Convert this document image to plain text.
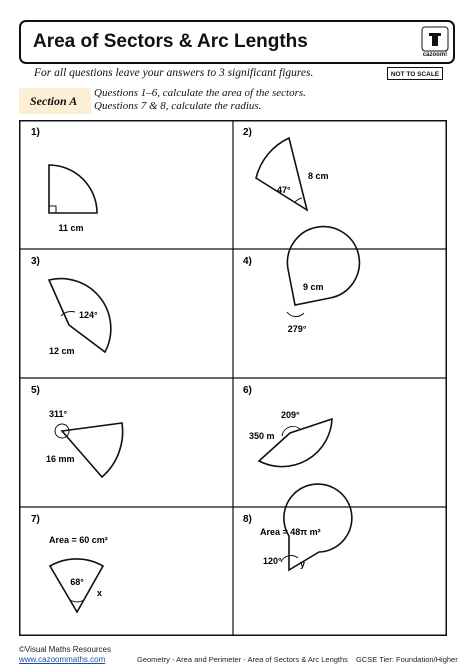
Area of Sectors & Arc Lengths
cazoom!
For all questions leave your answers to 3 significant figures.	NOT TO SCALE
Section A
Questions 1–6, calculate the area of the sectors.
Questions 7 & 8, calculate the radius.
1)	2)
3)	4)
5)	6)
7)	8)
11 cm
8 cm
47°
124°
12 cm
9 cm
279°
311°
16 mm
209°
350 m
Area = 60 cm²
68°
x
Area = 48π m²
120° y
©Visual Maths Resources
www.cazoommaths.com	Geometry - Area and Perimeter - Area of Sectors & Arc Lengths GCSE Tier: Foundation/Higher
